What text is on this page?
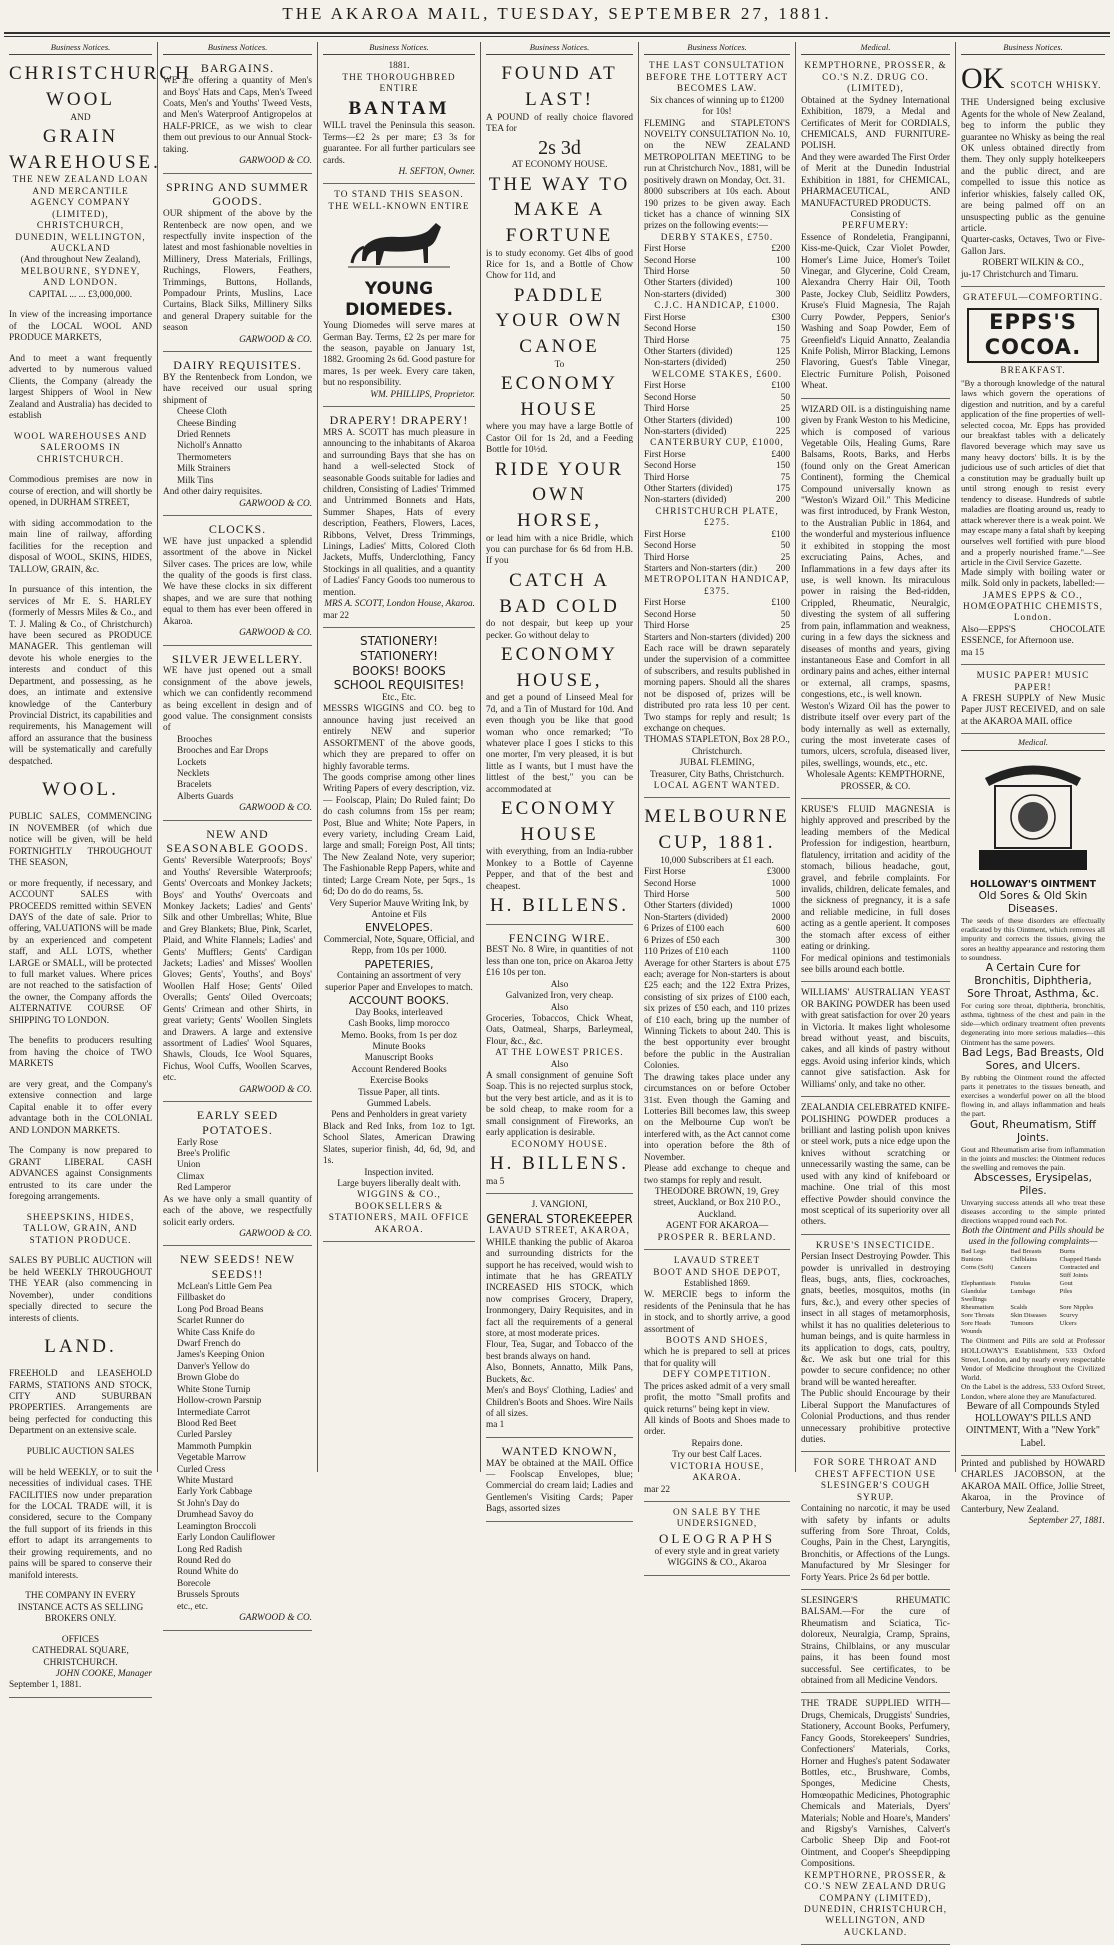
THE AKAROA MAIL, TUESDAY, SEPTEMBER 27, 1881.
Business Notices.
CHRISTCHURCH WOOL
AND
GRAIN WAREHOUSE.
THE NEW ZEALAND LOAN AND MERCANTILE AGENCY COMPANY (LIMITED),
CHRISTCHURCH, DUNEDIN, WELLINGTON, AUCKLAND
(And throughout New Zealand),
MELBOURNE, SYDNEY, AND LONDON.
CAPITAL ... ... £3,000,000.

In view of the increasing importance of the LOCAL WOOL AND PRODUCE MARKETS,

And to meet a want frequently adverted to by numerous valued Clients, the Company (already the largest Shippers of Wool in New Zealand and Australia) has decided to establish

WOOL WAREHOUSES AND SALEROOMS IN CHRISTCHURCH.

Commodious premises are now in course of erection, and will shortly be opened, in DURHAM STREET,

with siding accommodation to the main line of railway, affording facilities for the reception and disposal of WOOL, SKINS, HIDES, TALLOW, GRAIN, &c.

In pursuance of this intention, the services of Mr E. S. HARLEY (formerly of Messrs Miles & Co., and T. J. Maling & Co., of Christchurch) have been secured as PRODUCE MANAGER. This gentleman will devote his whole energies to the interests and conduct of this Department, and possessing, as he does, an intimate and extensive knowledge of the Canterbury Provincial District, its capabilities and requirements, his Management will afford an assurance that the business will be systematically and carefully despatched.

WOOL.

PUBLIC SALES, COMMENCING IN NOVEMBER (of which due notice will be given, will be held FORTNIGHTLY THROUGHOUT THE SEASON,

or more frequently, if necessary, and ACCOUNT SALES with PROCEEDS remitted within SEVEN DAYS of the date of sale. Prior to offering, VALUATIONS will be made by an experienced and competent staff, and ALL LOTS, whether LARGE or SMALL, will be protected to full market values. Where prices are not reached to the satisfaction of the owner, the Company affords the ALTERNATIVE COURSE OF SHIPPING TO LONDON.

The benefits to producers resulting from having the choice of TWO MARKETS

are very great, and the Company's extensive connection and large Capital enable it to offer every advantage both in the COLONIAL AND LONDON MARKETS.

The Company is now prepared to GRANT LIBERAL CASH ADVANCES against Consignments entrusted to its care under the foregoing arrangements.

SHEEPSKINS, HIDES, TALLOW, GRAIN, AND STATION PRODUCE.

SALES BY PUBLIC AUCTION will be held WEEKLY THROUGHOUT THE YEAR (also commencing in November), under conditions specially directed to secure the interests of clients.

LAND.

FREEHOLD and LEASEHOLD FARMS, STATIONS AND STOCK, CITY AND SUBURBAN PROPERTIES. Arrangements are being perfected for conducting this Department on an extensive scale.

PUBLIC AUCTION SALES

will be held WEEKLY, or to suit the necessities of individual cases. THE FACILITIES now under preparation for the LOCAL TRADE will, it is considered, secure to the Company the full support of its friends in this effort to adapt its arrangements to their growing requirements, and no pains will be spared to conserve their manifold interests.

THE COMPANY IN EVERY INSTANCE ACTS AS SELLING BROKERS ONLY.

OFFICES
CATHEDRAL SQUARE, CHRISTCHURCH.
JOHN COOKE, Manager
September 1, 1881.
Business Notices.
BARGAINS.
WE are offering a quantity of Men's and Boys' Hats and Caps, Men's Tweed Coats, Men's and Youths' Tweed Vests, and Men's Waterproof Antigropelos at HALF-PRICE, as we wish to clear them out previous to our Annual Stock-taking.
GARWOOD & CO.
SPRING AND SUMMER GOODS.
OUR shipment of the above by the Rentenbeck are now open, and we respectfully invite inspection of the latest and most fashionable novelties in Millinery, Dress Materials, Frillings, Ruchings, Flowers, Feathers, Trimmings, Buttons, Hollands, Pompadour Prints, Muslins, Lace Curtains, Black Silks, Millinery Silks and general Drapery suitable for the season
GARWOOD & CO.
DAIRY REQUISITES.
BY the Rentenbeck from London, we have received our usual spring shipment of
Cheese Cloth
Cheese Binding
Dried Rennets
Nicholl's Annatto
Thermometers
Milk Strainers
Milk Tins
And other dairy requisites.
GARWOOD & CO.
CLOCKS.
WE have just unpacked a splendid assortment of the above in Nickel Silver cases. The prices are low, while the quality of the goods is first class. We have these clocks in six different shapes, and we are sure that nothing equal to them has ever been offered in Akaroa.
GARWOOD & CO.
SILVER JEWELLERY.
WE have just opened out a small consignment of the above jewels, which we can confidently recommend as being excellent in design and of good value. The consignment consists of
Brooches
Brooches and Ear Drops
Lockets
Necklets
Bracelets
Alberts Guards
GARWOOD & CO.
NEW AND SEASONABLE GOODS.
Gents' Reversible Waterproofs; Boys' and Youths' Reversible Waterproofs; Gents' Overcoats and Monkey Jackets; Boys' and Youths' Overcoats and Monkey Jackets; Ladies' and Gents' Silk and other Umbrellas; White, Blue and Grey Blankets; Blue, Pink, Scarlet, Plaid, and White Flannels; Ladies' and Gents' Mufflers; Gents' Cardigan Jackets; Ladies' and Misses' Woollen Gloves; Gents', Youths', and Boys' Woollen Half Hose; Gents' Oiled Overalls; Gents' Oiled Overcoats; Gents' Crimean and other Shirts, in great variety; Gents' Woollen Singlets and Drawers. A large and extensive assortment of Ladies' Wool Squares, Shawls, Clouds, Ice Wool Squares, Fichus, Wool Cuffs, Woollen Scarves, etc.
GARWOOD & CO.
EARLY SEED POTATOES.
Early Rose
Bree's Prolific
Union
Climax
Red Lamperor
As we have only a small quantity of each of the above, we respectfully solicit early orders.
GARWOOD & CO.
NEW SEEDS! NEW SEEDS!!
McLean's Little Gem Pea
Fillbasket do
Long Pod Broad Beans
Scarlet Runner do
White Cass Knife do
Dwarf French do
James's Keeping Onion
Danver's Yellow do
Brown Globe do
White Stone Turnip
Hollow-crown Parsnip
Intermediate Carrot
Blood Red Beet
Curled Parsley
Mammoth Pumpkin
Vegetable Marrow
Curled Cress
White Mustard
Early York Cabbage
St John's Day do
Drumhead Savoy do
Leamington Broccoli
Early London Cauliflower
Long Red Radish
Round Red do
Round White do
Borecole
Brussels Sprouts
etc., etc.
GARWOOD & CO.
Business Notices.
1881.
THE THOROUGHBRED ENTIRE
BANTAM
WILL travel the Peninsula this season. Terms—£2 2s per mare; £3 3s for guarantee. For all further particulars see cards.
H. SEFTON, Owner.
TO STAND THIS SEASON.
THE WELL-KNOWN ENTIRE
YOUNG DIOMEDES.
Young Diomedes will serve mares at German Bay. Terms, £2 2s per mare for the season, payable on January 1st, 1882. Grooming 2s 6d. Good pasture for mares, 1s per week. Every care taken, but no responsibility.
WM. PHILLIPS, Proprietor.
DRAPERY! DRAPERY!
MRS A. SCOTT has much pleasure in announcing to the inhabitants of Akaroa and surrounding Bays that she has on hand a well-selected Stock of seasonable Goods suitable for ladies and children, Consisting of Ladies' Trimmed and Untrimmed Bonnets and Hats, Summer Shapes, Hats of every description, Feathers, Flowers, Laces, Ribbons, Velvet, Dress Trimmings, Linings, Ladies' Mitts, Colored Cloth Jackets, Muffs, Underclothing, Fancy Stockings in all qualities, and a quantity of Ladies' Fancy Goods too numerous to mention.
MRS A. SCOTT, London House, Akaroa.
mar 22
STATIONERY! STATIONERY!
BOOKS! BOOKS
SCHOOL REQUISITES!
Etc., Etc.
MESSRS WIGGINS and CO. beg to announce having just received an entirely NEW and superior ASSORTMENT of the above goods, which they are prepared to offer on highly favorable terms.
The goods comprise among other lines Writing Papers of every description, viz.— Foolscap, Plain; Do Ruled faint; Do do cash columns from 15s per ream; Post, Blue and White; Note Papers, in every variety, including Cream Laid, large and small; Foreign Post, All tints; The New Zealand Note, very superior; The Fashionable Repp Papers, white and tinted; Large Cream Note, per 5qrs., 1s 6d; Do do do do reams, 5s.
Very Superior Mauve Writing Ink, by Antoine et Fils
ENVELOPES.
Commercial, Note, Square, Official, and Repp, from 10s per 1000.
PAPETERIES,
Containing an assortment of very superior Paper and Envelopes to match.
ACCOUNT BOOKS.
Day Books, interleaved
Cash Books, limp morocco
Memo. Books, from 1s per doz
Minute Books
Manuscript Books
Account Rendered Books
Exercise Books
Tissue Paper, all tints.
Gummed Labels.
Pens and Penholders in great variety
Black and Red Inks, from 1oz to 1gt. School Slates, American Drawing Slates, superior finish, 4d, 6d, 9d, and 1s.
Inspection invited.
Large buyers liberally dealt with.
WIGGINS & CO., BOOKSELLERS & STATIONERS, MAIL OFFICE AKAROA.
Business Notices.
FOUND AT LAST!
A POUND of really choice flavored TEA for
2s 3d
AT ECONOMY HOUSE.
THE WAY TO MAKE A FORTUNE
is to study economy. Get 4lbs of good Rice for 1s, and a Bottle of Chow Chow for 11d, and
PADDLE YOUR OWN CANOE
To
ECONOMY HOUSE
where you may have a large Bottle of Castor Oil for 1s 2d, and a Feeding Bottle for 10½d.
RIDE YOUR OWN HORSE,
or lead him with a nice Bridle, which you can purchase for 6s 6d from H.B. If you
CATCH A BAD COLD
do not despair, but keep up your pecker. Go without delay to
ECONOMY HOUSE,
and get a pound of Linseed Meal for 7d, and a Tin of Mustard for 10d. And even though you be like that good woman who once remarked; "To whatever place I goes I sticks to this one morter, I'm very pleased, it is but little as I wants, but I must have the littlest of the best," you can be accommodated at
ECONOMY HOUSE
with everything, from an India-rubber Monkey to a Bottle of Cayenne Pepper, and that of the best and cheapest.
H. BILLENS.
FENCING WIRE.
BEST No. 8 Wire, in quantities of not less than one ton, price on Akaroa Jetty £16 10s per ton.
Also
Galvanized Iron, very cheap.
Also
Groceries, Tobaccos, Chick Wheat, Oats, Oatmeal, Sharps, Barleymeal, Flour, &c., &c.
AT THE LOWEST PRICES.
Also
A small consignment of genuine Soft Soap. This is no rejected surplus stock, but the very best article, and as it is to be sold cheap, to make room for a small consignment of Fireworks, an early application is desirable.
ECONOMY HOUSE.
H. BILLENS.
ma 5
J. VANGIONI,
GENERAL STOREKEEPER
LAVAUD STREET, AKAROA,
WHILE thanking the public of Akaroa and surrounding districts for the support he has received, would wish to intimate that he has GREATLY INCREASED HIS STOCK, which now comprises Grocery, Drapery, Ironmongery, Dairy Requisites, and in fact all the requirements of a general store, at most moderate prices.
Flour, Tea, Sugar, and Tobacco of the best brands always on hand.
Also, Bonnets, Annatto, Milk Pans, Buckets, &c.
Men's and Boys' Clothing, Ladies' and Children's Boots and Shoes. Wire Nails of all sizes.
ma 1
WANTED KNOWN,
MAY be obtained at the MAIL Office— Foolscap Envelopes, blue; Commercial do cream laid; Ladies and Gentlemen's Visiting Cards; Paper Bags, assorted sizes
Business Notices.
THE LAST CONSULTATION BEFORE THE LOTTERY ACT BECOMES LAW.
Six chances of winning up to £1200 for 10s!
FLEMING and STAPLETON'S NOVELTY CONSULTATION No. 10, on the NEW ZEALAND METROPOLITAN MEETING to be run at Christchurch Nov., 1881, will be positively drawn on Monday, Oct. 31.
8000 subscribers at 10s each. About 190 prizes to be given away. Each ticket has a chance of winning SIX prizes on the following events:—
DERBY STAKES, £750.
First Horse	£200
Second Horse	100
Third Horse	50
Other Starters (divided)	100
Non-starters (divided)	300
C.J.C. HANDICAP, £1000.
First Horse	£300
Second Horse	150
Third Horse	75
Other Starters (divided)	125
Non-starters (divided)	250
WELCOME STAKES, £600.
First Horse	£100
Second Horse	50
Third Horse	25
Other Starters (divided)	100
Non-starters (divided)	225
CANTERBURY CUP, £1000,
First Horse	£400
Second Horse	150
Third Horse	75
Other Starters (divided)	175
Non-starters (divided)	200
CHRISTCHURCH PLATE, £275.
First Horse	£100
Second Horse	50
Third Horse	25
Starters and Non-starters (dir.) 200
METROPOLITAN HANDICAP, £375.
First Horse	£100
Second Horse	50
Third Horse	25
Starters and Non-starters (divided) 200
Each race will be drawn separately under the supervision of a committee of subscribers, and results published in morning papers. Should all the shares not be disposed of, prizes will be distributed pro rata less 10 per cent. Two stamps for reply and result; 1s exchange on cheques.
THOMAS STAPLETON, Box 28 P.O., Christchurch.
JUBAL FLEMING,
Treasurer, City Baths, Christchurch.
LOCAL AGENT WANTED.
MELBOURNE CUP, 1881.
10,000 Subscribers at £1 each.
First Horse	£3000
Second Horse	1000
Third Horse	500
Other Starters (divided)	1000
Non-Starters (divided)	2000
6 Prizes of £100 each	600
6 Prizes of £50 each	300
110 Prizes of £10 each	1100
Average for other Starters is about £75 each; average for Non-starters is about £25 each; and the 122 Extra Prizes, consisting of six prizes of £100 each, six prizes of £50 each, and 110 prizes of £10 each, bring up the number of Winning Tickets to about 240. This is the best opportunity ever brought before the public in the Australian Colonies.
The drawing takes place under any circumstances on or before October 31st. Even though the Gaming and Lotteries Bill becomes law, this sweep on the Melbourne Cup won't be interfered with, as the Act cannot come into operation before the 8th of November.
Please add exchange to cheque and two stamps for reply and result.
THEODORE BROWN, 19, Grey street, Auckland, or Box 210 P.O., Auckland.
AGENT FOR AKAROA—
PROSPER R. BERLAND.
LAVAUD STREET
BOOT AND SHOE DEPOT,
Established 1869.
W. MERCIE begs to inform the residents of the Peninsula that he has in stock, and to shortly arrive, a good assortment of
BOOTS AND SHOES,
which he is prepared to sell at prices that for quality will
DEFY COMPETITION.
The prices asked admit of a very small profit, the motto "Small profits and quick returns" being kept in view.
All kinds of Boots and Shoes made to order.
Repairs done.
Try our best Calf Laces.
VICTORIA HOUSE, AKAROA.
mar 22
ON SALE BY THE UNDERSIGNED,
OLEOGRAPHS
of every style and in great variety
WIGGINS & CO., Akaroa
Medical.
KEMPTHORNE, PROSSER, & CO.'S N.Z. DRUG CO. (LIMITED),
Obtained at the Sydney International Exhibition, 1879, a Medal and Certificates of Merit for CORDIALS, CHEMICALS, AND FURNITURE-POLISH.
And they were awarded The First Order of Merit at the Dunedin Industrial Exhibition in 1881, for CHEMICAL, PHARMACEUTICAL, AND MANUFACTURED PRODUCTS.
Consisting of
PERFUMERY:
Essence of Rondeletia, Frangipanni, Kiss-me-Quick, Czar Violet Powder, Homer's Lime Juice, Homer's Toilet Vinegar, and Glycerine, Cold Cream, Alexandra Cherry Hair Oil, Tooth Paste, Jockey Club, Seidlitz Powders, Kruse's Fluid Magnesia, The Rajah Curry Powder, Peppers, Senior's Washing and Soap Powder, Eem of Greenfield's Liquid Annatto, Zealandia Knife Polish, Mirror Blacking, Lemons Flavoring, Guest's Table Vinegar, Electric Furniture Polish, Poisoned Wheat.
WIZARD OIL is a distinguishing name given by Frank Weston to his Medicine, which is composed of various Vegetable Oils, Healing Gums, Rare Balsams, Roots, Barks, and Herbs (found only on the Great American Continent), forming the Chemical Compound universally known as "Weston's Wizard Oil." This Medicine was first introduced, by Frank Weston, to the Australian Public in 1864, and the wonderful and mysterious influence it exhibited in stopping the most excruciating Pains, Aches, and Inflammations in a few days after its use, is well known. Its miraculous power in raising the Bed-ridden, Crippled, Rheumatic, Neuralgic, divesting the system of all suffering from pain, inflammation and weakness, curing in a few days the sickness and diseases of months and years, giving instantaneous Ease and Comfort in all ordinary pains and aches, either internal or external, all cramps, spasms, congestions, etc., is well known.
Weston's Wizard Oil has the power to distribute itself over every part of the body internally as well as externally, curing the most inveterate cases of tumors, ulcers, scrofula, diseased liver, piles, swellings, wounds, etc., etc.
Wholesale Agents: KEMPTHORNE, PROSSER, & CO.
KRUSE'S FLUID MAGNESIA is highly approved and prescribed by the leading members of the Medical Profession for indigestion, heartburn, flatulency, irritation and acidity of the stomach, bilious headache, gout, gravel, and febrile complaints. For invalids, children, delicate females, and the sickness of pregnancy, it is a safe and reliable medicine, in full doses acting as a gentle aperient. It composes the stomach after excess of either eating or drinking.
For medical opinions and testimonials see bills around each bottle.
WILLIAMS' AUSTRALIAN YEAST OR BAKING POWDER has been used with great satisfaction for over 20 years in Victoria. It makes light wholesome bread without yeast, and biscuits, cakes, and all kinds of pastry without eggs. Avoid using inferior kinds, which cannot give satisfaction. Ask for Williams' only, and take no other.
ZEALANDIA CELEBRATED KNIFE-POLISHING POWDER produces a brilliant and lasting polish upon knives or steel work, puts a nice edge upon the knives without scratching or unnecessarily wasting the same, can be used with any kind of knifeboard or machine. One trial of this most effective Powder should convince the most sceptical of its superiority over all others.
KRUSE'S INSECTICIDE.
Persian Insect Destroying Powder. This powder is unrivalled in destroying fleas, bugs, ants, flies, cockroaches, gnats, beetles, mosquitos, moths (in furs, &c.), and every other species of insect in all stages of metamorphosis, whilst it has no qualities deleterious to human beings, and is quite harmless in its application to dogs, cats, poultry, &c. We ask but one trial for this powder to secure confidence; no other brand will be wanted hereafter.
The Public should Encourage by their Liberal Support the Manufactures of Colonial Productions, and thus render unnecessary prohibitive protective duties.
FOR SORE THROAT AND CHEST AFFECTION USE
SLESINGER'S COUGH SYRUP.
Containing no narcotic, it may be used with safety by infants or adults suffering from Sore Throat, Colds, Coughs, Pain in the Chest, Laryngitis, Bronchitis, or Affections of the Lungs. Manufactured by Mr Slesinger for Forty Years. Price 2s 6d per bottle.
SLESINGER'S RHEUMATIC BALSAM.—For the cure of Rheumatism and Sciatica, Tic-doloreux, Neuralgia, Cramp, Sprains, Strains, Chilblains, or any muscular pains, it has been found most successful. See certificates, to be obtained from all Medicine Vendors.
THE TRADE SUPPLIED WITH—Drugs, Chemicals, Druggists' Sundries, Stationery, Account Books, Perfumery, Fancy Goods, Storekeepers' Sundries, Confectioners' Materials, Corks, Horner and Hughes's patent Sodawater Bottles, etc., Brushware, Combs, Sponges, Medicine Chests, Homœopathic Medicines, Photographic Chemicals and Materials, Dyers' Materials; Noble and Hoare's, Manders' and Rigsby's Varnishes, Calvert's Carbolic Sheep Dip and Foot-rot Ointment, and Cooper's Sheepdipping Compositions.
KEMPTHORNE, PROSSER, & CO.'S NEW ZEALAND DRUG COMPANY (LIMITED), DUNEDIN, CHRISTCHURCH, WELLINGTON, AND AUCKLAND.
Business Notices.
OK SCOTCH WHISKY.
THE Undersigned being exclusive Agents for the whole of New Zealand, beg to inform the public they guarantee no Whisky as being the real OK unless obtained directly from them. They only supply hotelkeepers and the public direct, and are compelled to issue this notice as inferior whiskies, falsely called OK, are being palmed off on an unsuspecting public as the genuine article.
Quarter-casks, Octaves, Two or Five-Gallon Jars.
ROBERT WILKIN & CO.,
ju-17 Christchurch and Timaru.
GRATEFUL—COMFORTING.
EPPS'S COCOA.
BREAKFAST.
"By a thorough knowledge of the natural laws which govern the operations of digestion and nutrition, and by a careful application of the fine properties of well-selected cocoa, Mr. Epps has provided our breakfast tables with a delicately flavored beverage which may save us many heavy doctors' bills. It is by the judicious use of such articles of diet that a constitution may be gradually built up until strong enough to resist every tendency to disease. Hundreds of subtle maladies are floating around us, ready to attack wherever there is a weak point. We may escape many a fatal shaft by keeping ourselves well fortified with pure blood and a properly nourished frame."—See article in the Civil Service Gazette.
Made simply with boiling water or milk. Sold only in packets, labelled:—
JAMES EPPS & CO., HOMŒOPATHIC CHEMISTS, London.
Also—EPPS'S CHOCOLATE ESSENCE, for Afternoon use.
ma 15
MUSIC PAPER! MUSIC PAPER!
A FRESH SUPPLY of New Music Paper JUST RECEIVED, and on sale at the AKAROA MAIL office
Medical.
HOLLOWAY'S OINTMENT
Old Sores & Old Skin Diseases.
The seeds of these disorders are effectually eradicated by this Ointment, which removes all impurity and corrects the tissues, giving the sores an healthy appearance and restoring them to soundness.
A Certain Cure for Bronchitis, Diphtheria, Sore Throat, Asthma, &c.
For curing sore throat, diphtheria, bronchitis, asthma, tightness of the chest and pain in the side—which ordinary treatment often prevents degenerating into more serious maladies—this Ointment has the same powers.
Bad Legs, Bad Breasts, Old Sores, and Ulcers.
By rubbing the Ointment round the affected parts it penetrates to the tissues beneath, and exercises a wonderful power on all the blood flowing in, and allays inflammation and heals the part.
Gout, Rheumatism, Stiff Joints.
Gout and Rheumatism arise from inflammation in the joints and muscles: the Ointment reduces the swelling and removes the pain.
Abscesses, Erysipelas, Piles.
Unvarying success attends all who treat these diseases according to the simple printed directions wrapped round each Pot.
Both the Ointment and Pills should be used in the following complaints—
Bad Legs	Bad Breasts	Burns
Bunions	Chilblains	Chapped Hands
Corns (Soft)	Cancers	Contracted and Stiff Joints
Elephantiasis	Fistulas	Gout
Glandular Swellings
Lumbago	Piles
Rheumatism	Scalds	Sore Nipples
Sore Throats	Skin Diseases	Scurvy
Sore Heads	Tumours	Ulcers
Wounds
The Ointment and Pills are sold at Professor HOLLOWAY'S Establishment, 533 Oxford Street, London, and by nearly every respectable Vendor of Medicine throughout the Civilized World.
On the Label is the address, 533 Oxford Street, London, where alone they are Manufactured.
Beware of all Compounds Styled HOLLOWAY'S PILLS AND OINTMENT, With a "New York" Label.
Printed and published by HOWARD CHARLES JACOBSON, at the AKAROA MAIL Office, Jollie Street, Akaroa, in the Province of Canterbury, New Zealand.
September 27, 1881.
